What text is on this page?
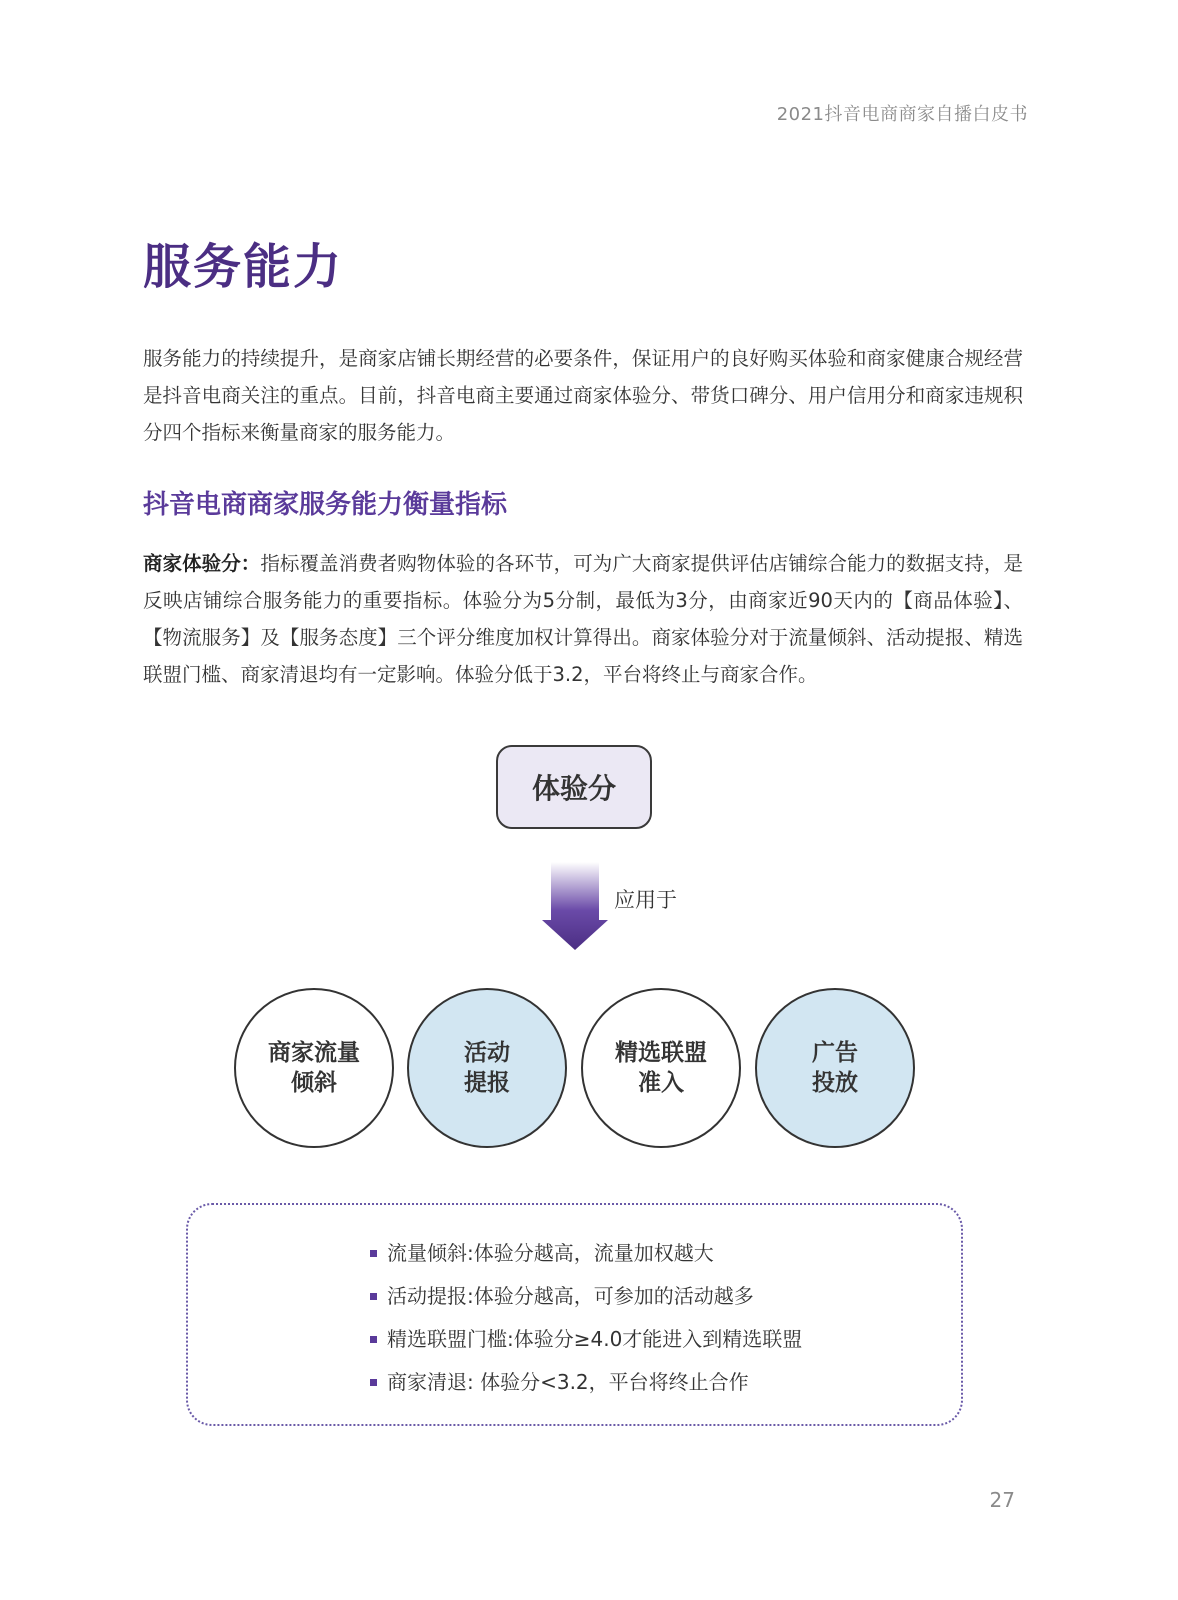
2021抖音电商商家自播白皮书
服务能力

服务能力的持续提升，是商家店铺长期经营的必要条件，保证用户的良好购买体验和商家健康合规经营是抖音电商关注的重点。目前，抖音电商主要通过商家体验分、带货口碑分、用户信用分和商家违规积分四个指标来衡量商家的服务能力。

抖音电商商家服务能力衡量指标

商家体验分：指标覆盖消费者购物体验的各环节，可为广大商家提供评估店铺综合能力的数据支持，是反映店铺综合服务能力的重要指标。体验分为5分制，最低为3分，由商家近90天内的【商品体验】、【物流服务】及【服务态度】三个评分维度加权计算得出。商家体验分对于流量倾斜、活动提报、精选联盟门槛、商家清退均有一定影响。体验分低于3.2，平台将终止与商家合作。

体验分
应用于
商家流量
倾斜
活动
提报
精选联盟
准入
广告
投放
流量倾斜:体验分越高，流量加权越大
活动提报:体验分越高，可参加的活动越多
精选联盟门槛:体验分≥4.0才能进入到精选联盟
商家清退: 体验分<3.2，平台将终止合作
27
